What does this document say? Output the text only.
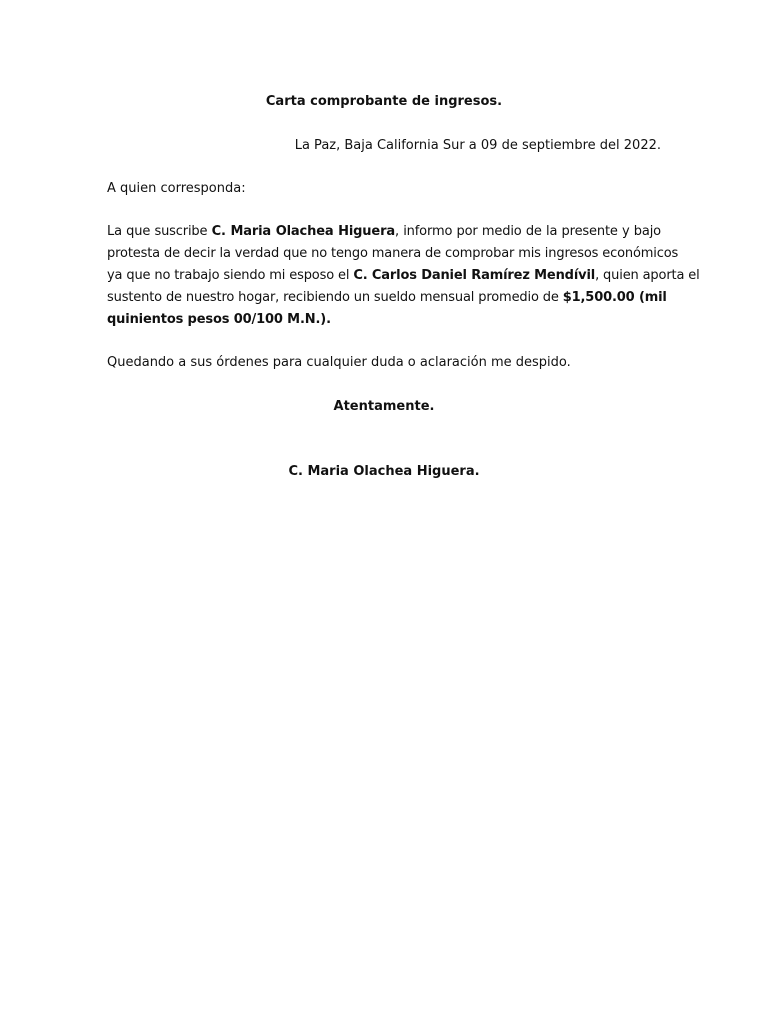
Carta comprobante de ingresos.
La Paz, Baja California Sur a 09 de septiembre del 2022.
A quien corresponda:
La que suscribe C. Maria Olachea Higuera, informo por medio de la presente y bajo
protesta de decir la verdad que no tengo manera de comprobar mis ingresos económicos
ya que no trabajo siendo mi esposo el C. Carlos Daniel Ramírez Mendívil, quien aporta el
sustento de nuestro hogar, recibiendo un sueldo mensual promedio de $1,500.00 (mil
quinientos pesos 00/100 M.N.).
Quedando a sus órdenes para cualquier duda o aclaración me despido.
Atentamente.
C. Maria Olachea Higuera.
